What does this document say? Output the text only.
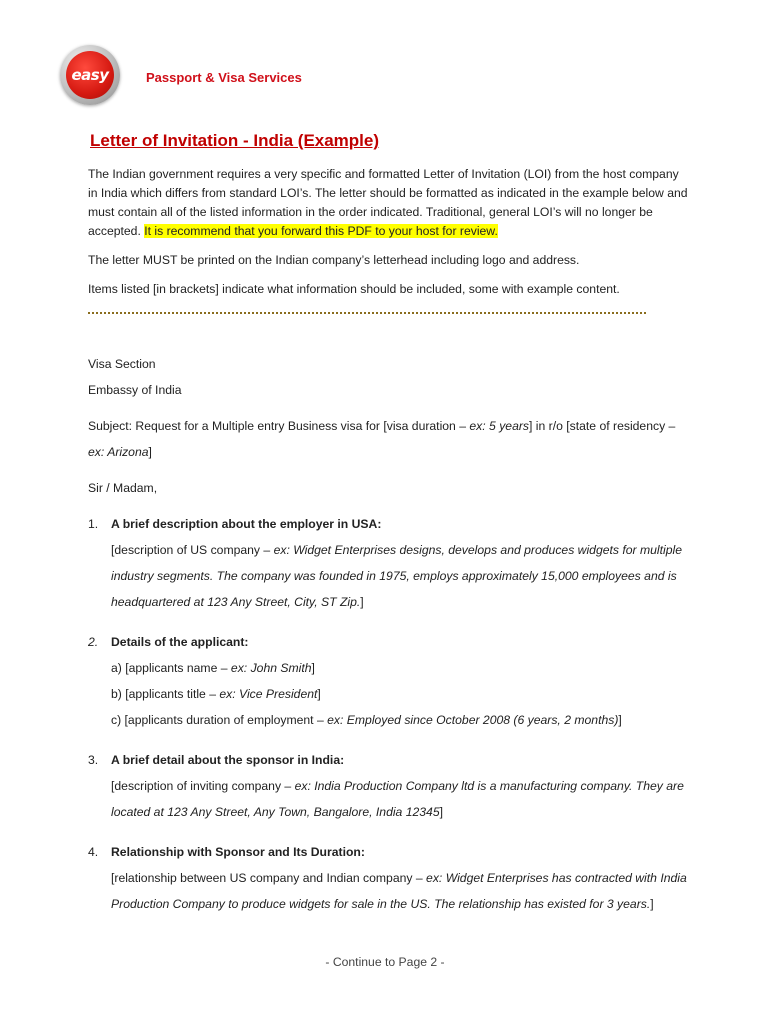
easy	Passport & Visa Services
Letter of Invitation - India (Example)

The Indian government requires a very specific and formatted Letter of Invitation (LOI) from the host company in India which differs from standard LOI’s. The letter should be formatted as indicated in the example below and must contain all of the listed information in the order indicated. Traditional, general LOI’s will no longer be accepted. It is recommend that you forward this PDF to your host for review.

The letter MUST be printed on the Indian company’s letterhead including logo and address.

Items listed [in brackets] indicate what information should be included, some with example content.

Visa Section

Embassy of India

Subject: Request for a Multiple entry Business visa for [visa duration – ex: 5 years] in r/o [state of residency – ex: Arizona]

Sir / Madam,

1.	A brief description about the employer in USA:
[description of US company – ex: Widget Enterprises designs, develops and produces widgets for multiple industry segments. The company was founded in 1975, employs approximately 15,000 employees and is headquartered at 123 Any Street, City, ST Zip.]
2.	Details of the applicant:
a) [applicants name – ex: John Smith]
b) [applicants title – ex: Vice President]
c) [applicants duration of employment – ex: Employed since October 2008 (6 years, 2 months)]
3.	A brief detail about the sponsor in India:
[description of inviting company – ex: India Production Company ltd is a manufacturing company. They are located at 123 Any Street, Any Town, Bangalore, India 12345]
4.	Relationship with Sponsor and Its Duration:
[relationship between US company and Indian company – ex: Widget Enterprises has contracted with India Production Company to produce widgets for sale in the US. The relationship has existed for 3 years.]
- Continue to Page 2 -
